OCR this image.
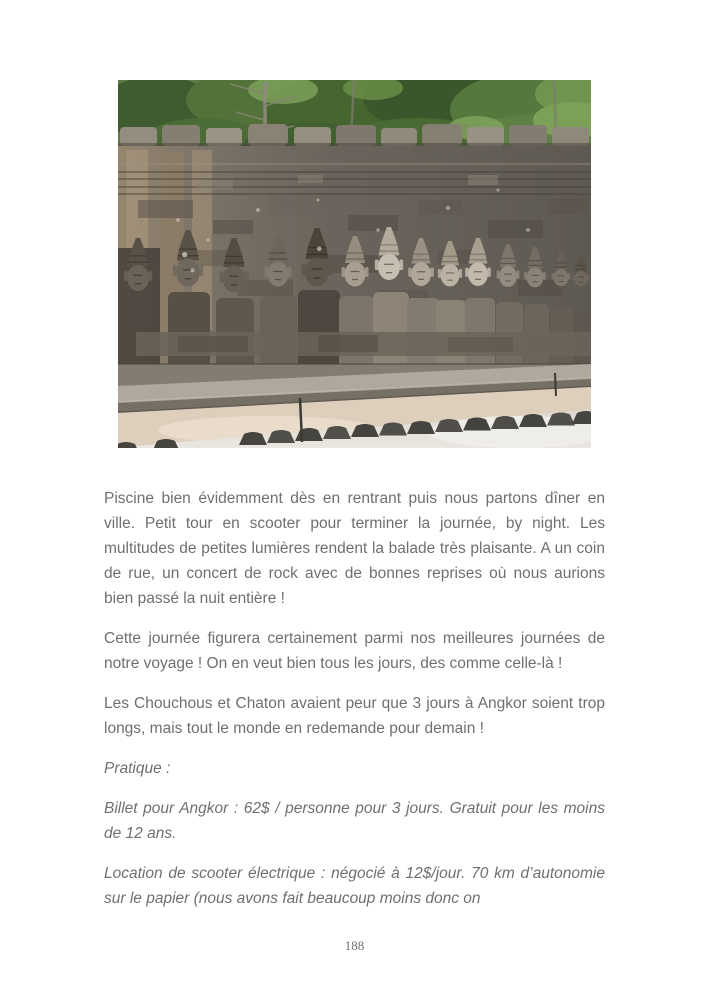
Piscine bien évidemment dès en rentrant puis nous partons dîner en ville. Petit tour en scooter pour terminer la journée, by night. Les multitudes de petites lumières rendent la balade très plaisante. A un coin de rue, un concert de rock avec de bonnes reprises où nous aurions bien passé la nuit entière !

Cette journée figurera certainement parmi nos meilleures journées de notre voyage ! On en veut bien tous les jours, des comme celle-là !

Les Chouchous et Chaton avaient peur que 3 jours à Angkor soient trop longs, mais tout le monde en redemande pour demain !

Pratique :

Billet pour Angkor : 62$ / personne pour 3 jours. Gratuit pour les moins de 12 ans.

Location de scooter électrique : négocié à 12$/jour. 70 km d’autonomie sur le papier (nous avons fait beaucoup moins donc on

188
